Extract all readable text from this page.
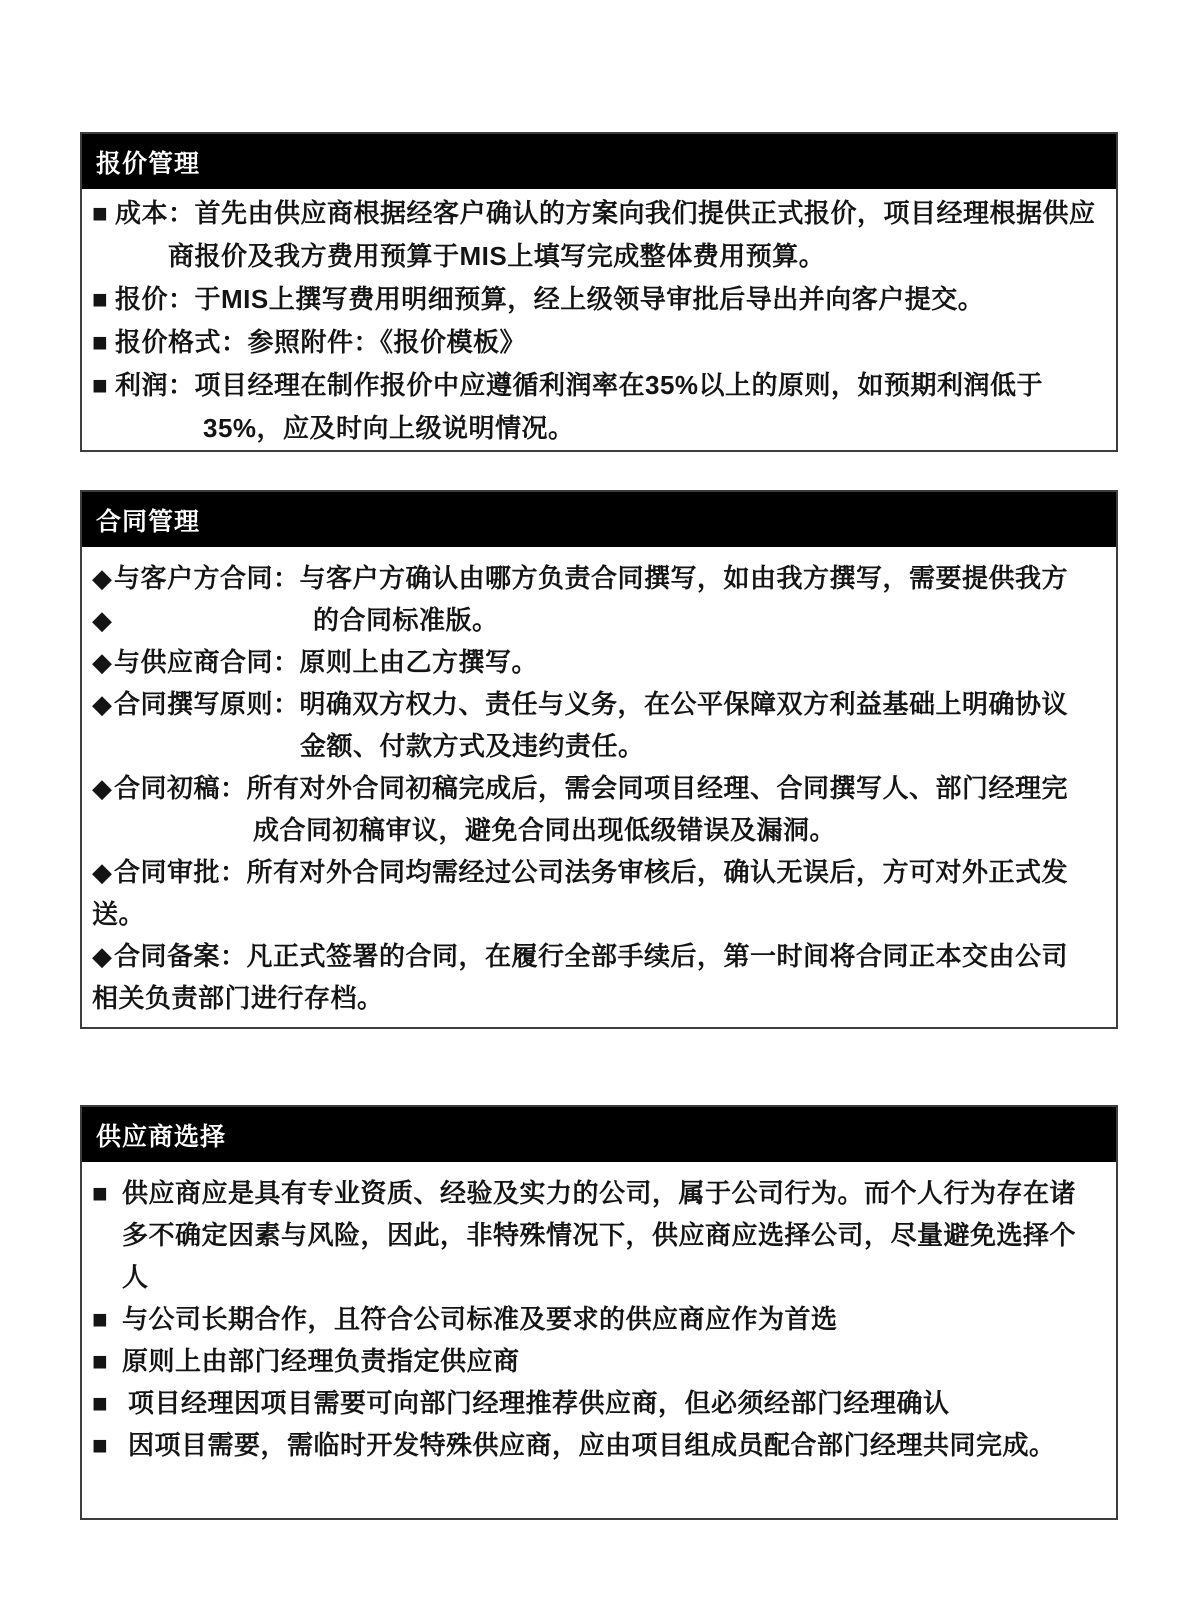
报价管理
■ 成本：首先由供应商根据经客户确认的方案向我们提供正式报价，项目经理根据供应
商报价及我方费用预算于MIS上填写完成整体费用预算。
■ 报价：于MIS上撰写费用明细预算，经上级领导审批后导出并向客户提交。
■ 报价格式：参照附件：《报价模板》
■ 利润：项目经理在制作报价中应遵循利润率在35%以上的原则，如预期利润低于
35%，应及时向上级说明情况。
合同管理
◆ 与客户方合同：与客户方确认由哪方负责合同撰写，如由我方撰写，需要提供我方
◆	的合同标准版。
◆ 与供应商合同：原则上由乙方撰写。
◆ 合同撰写原则：明确双方权力、责任与义务，在公平保障双方利益基础上明确协议
金额、付款方式及违约责任。
◆ 合同初稿：所有对外合同初稿完成后，需会同项目经理、合同撰写人、部门经理完
成合同初稿审议，避免合同出现低级错误及漏洞。
◆ 合同审批：所有对外合同均需经过公司法务审核后，确认无误后，方可对外正式发
送。
◆ 合同备案：凡正式签署的合同，在履行全部手续后，第一时间将合同正本交由公司
相关负责部门进行存档。
供应商选择
■ 供应商应是具有专业资质、经验及实力的公司，属于公司行为。而个人行为存在诸
多不确定因素与风险，因此，非特殊情况下，供应商应选择公司，尽量避免选择个
人
■ 与公司长期合作，且符合公司标准及要求的供应商应作为首选
■ 原则上由部门经理负责指定供应商
■ 项目经理因项目需要可向部门经理推荐供应商，但必须经部门经理确认
■ 因项目需要，需临时开发特殊供应商，应由项目组成员配合部门经理共同完成。
